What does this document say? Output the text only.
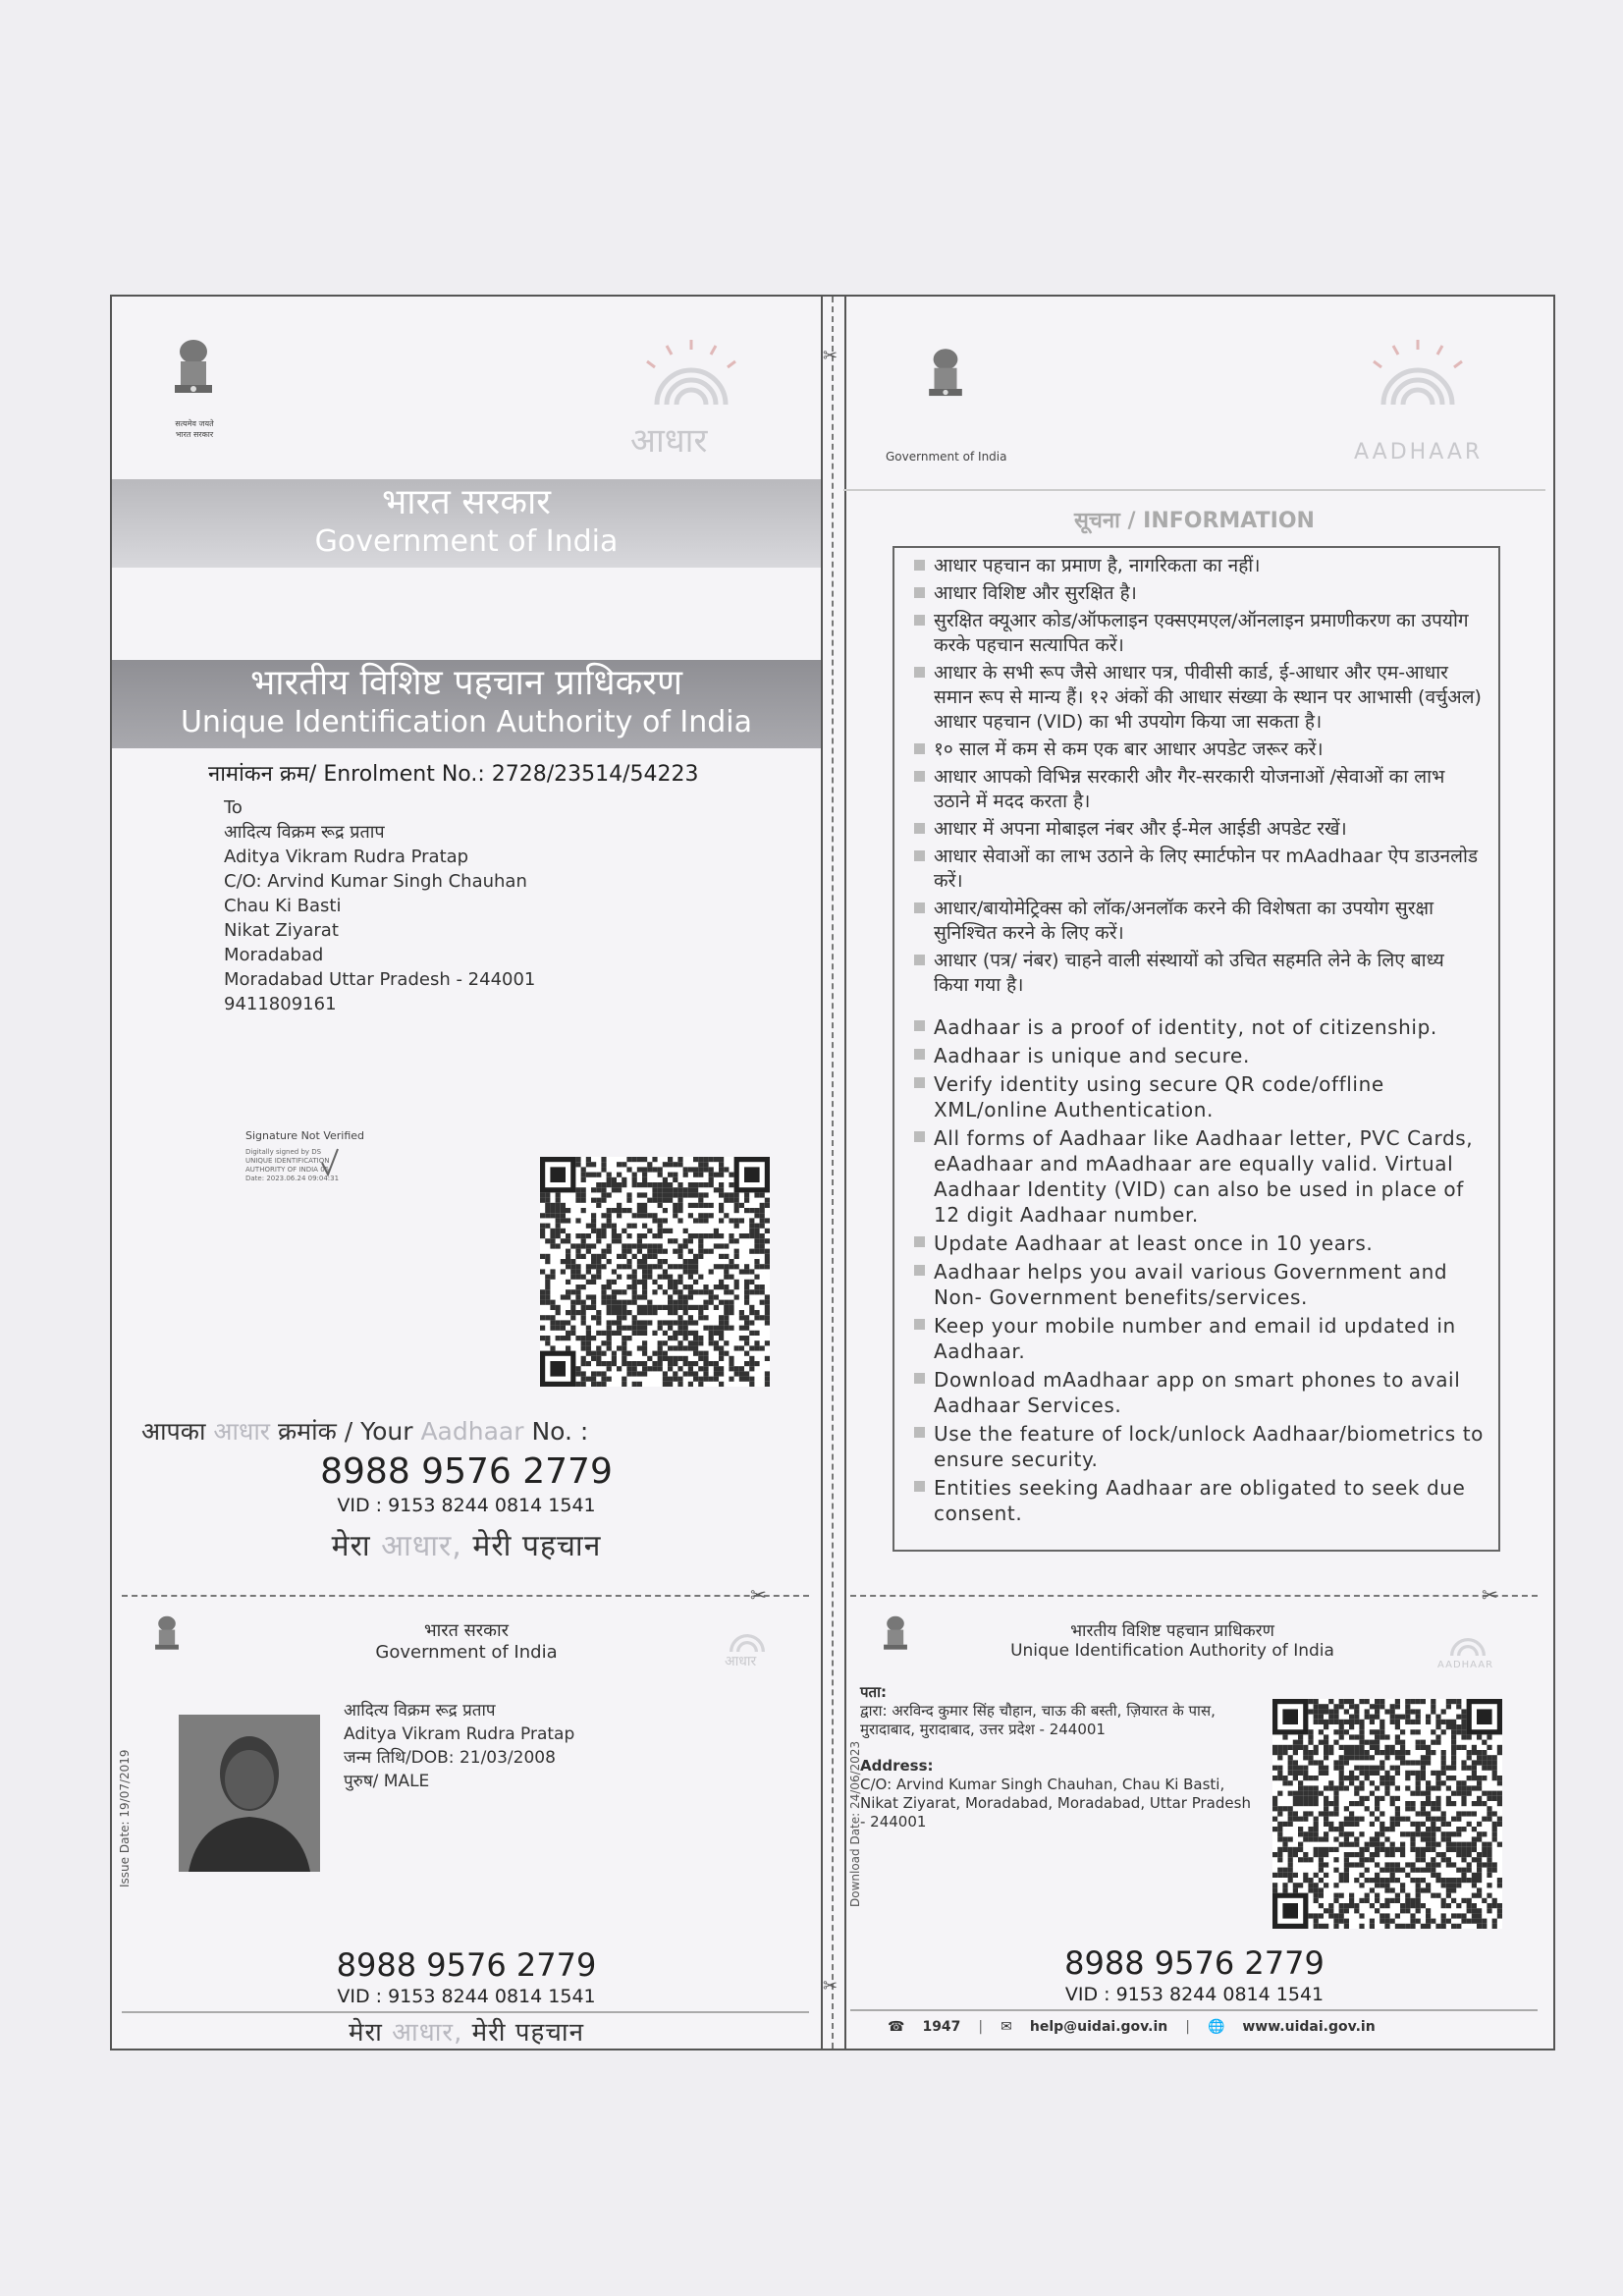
✂
✂
सत्यमेव जयते
भारत सरकार	आधार
भारत सरकार
Government of India
भारतीय विशिष्ट पहचान प्राधिकरण
Unique Identification Authority of India
नामांकन क्रम/ Enrolment No.: 2728/23514/54223
To
आदित्य विक्रम रूद्र प्रताप
Aditya Vikram Rudra Pratap
C/O: Arvind Kumar Singh Chauhan
Chau Ki Basti
Nikat Ziyarat
Moradabad
Moradabad Uttar Pradesh - 244001
9411809161
Signature Not Verified
Digitally signed by DS
UNIQUE IDENTIFICATION
AUTHORITY OF INDIA 05
Date: 2023.06.24 09:04:31
आपका आधार क्रमांक / Your Aadhaar No. :
8988 9576 2779
VID : 9153 8244 0814 1541
मेरा आधार, मेरी पहचान
✂
Government of India	AADHAAR
सूचना / INFORMATION
आधार पहचान का प्रमाण है, नागरिकता का नहीं।
आधार विशिष्ट और सुरक्षित है।
सुरक्षित क्यूआर कोड/ऑफलाइन एक्सएमएल/ऑनलाइन प्रमाणीकरण का उपयोग करके पहचान सत्यापित करें।
आधार के सभी रूप जैसे आधार पत्र, पीवीसी कार्ड, ई-आधार और एम-आधार समान रूप से मान्य हैं। १२ अंकों की आधार संख्या के स्थान पर आभासी (वर्चुअल) आधार पहचान (VID) का भी उपयोग किया जा सकता है।
१० साल में कम से कम एक बार आधार अपडेट जरूर करें।
आधार आपको विभिन्न सरकारी और गैर-सरकारी योजनाओं /सेवाओं का लाभ उठाने में मदद करता है।
आधार में अपना मोबाइल नंबर और ई-मेल आईडी अपडेट रखें।
आधार सेवाओं का लाभ उठाने के लिए स्मार्टफोन पर mAadhaar ऐप डाउनलोड करें।
आधार/बायोमेट्रिक्स को लॉक/अनलॉक करने की विशेषता का उपयोग सुरक्षा सुनिश्चित करने के लिए करें।
आधार (पत्र/ नंबर) चाहने वाली संस्थायों को उचित सहमति लेने के लिए बाध्य किया गया है।
Aadhaar is a proof of identity, not of citizenship.
Aadhaar is unique and secure.
Verify identity using secure QR code/offline XML/online Authentication.
All forms of Aadhaar like Aadhaar letter, PVC Cards, eAadhaar and mAadhaar are equally valid. Virtual Aadhaar Identity (VID) can also be used in place of 12 digit Aadhaar number.
Update Aadhaar at least once in 10 years.
Aadhaar helps you avail various Government and Non- Government benefits/services.
Keep your mobile number and email id updated in Aadhaar.
Download mAadhaar app on smart phones to avail Aadhaar Services.
Use the feature of lock/unlock Aadhaar/biometrics to ensure security.
Entities seeking Aadhaar are obligated to seek due consent.
✂
भारत सरकार
Government of India	आधार
Issue Date: 19/07/2019
आदित्य विक्रम रूद्र प्रताप
Aditya Vikram Rudra Pratap
जन्म तिथि/DOB: 21/03/2008
पुरुष/ MALE
8988 9576 2779
VID : 9153 8244 0814 1541
मेरा आधार, मेरी पहचान
भारतीय विशिष्ट पहचान प्राधिकरण
Unique Identification Authority of India
AADHAAR
Download Date: 24/06/2023
पता:
द्वारा: अरविन्द कुमार सिंह चौहान, चाऊ की बस्ती, ज़ियारत के पास, मुरादाबाद, मुरादाबाद, उत्तर प्रदेश - 244001
Address:
C/O: Arvind Kumar Singh Chauhan, Chau Ki Basti, Nikat Ziyarat, Moradabad, Moradabad, Uttar Pradesh - 244001
8988 9576 2779
VID : 9153 8244 0814 1541
☎ 1947 | ✉ help@uidai.gov.in | 🌐 www.uidai.gov.in
